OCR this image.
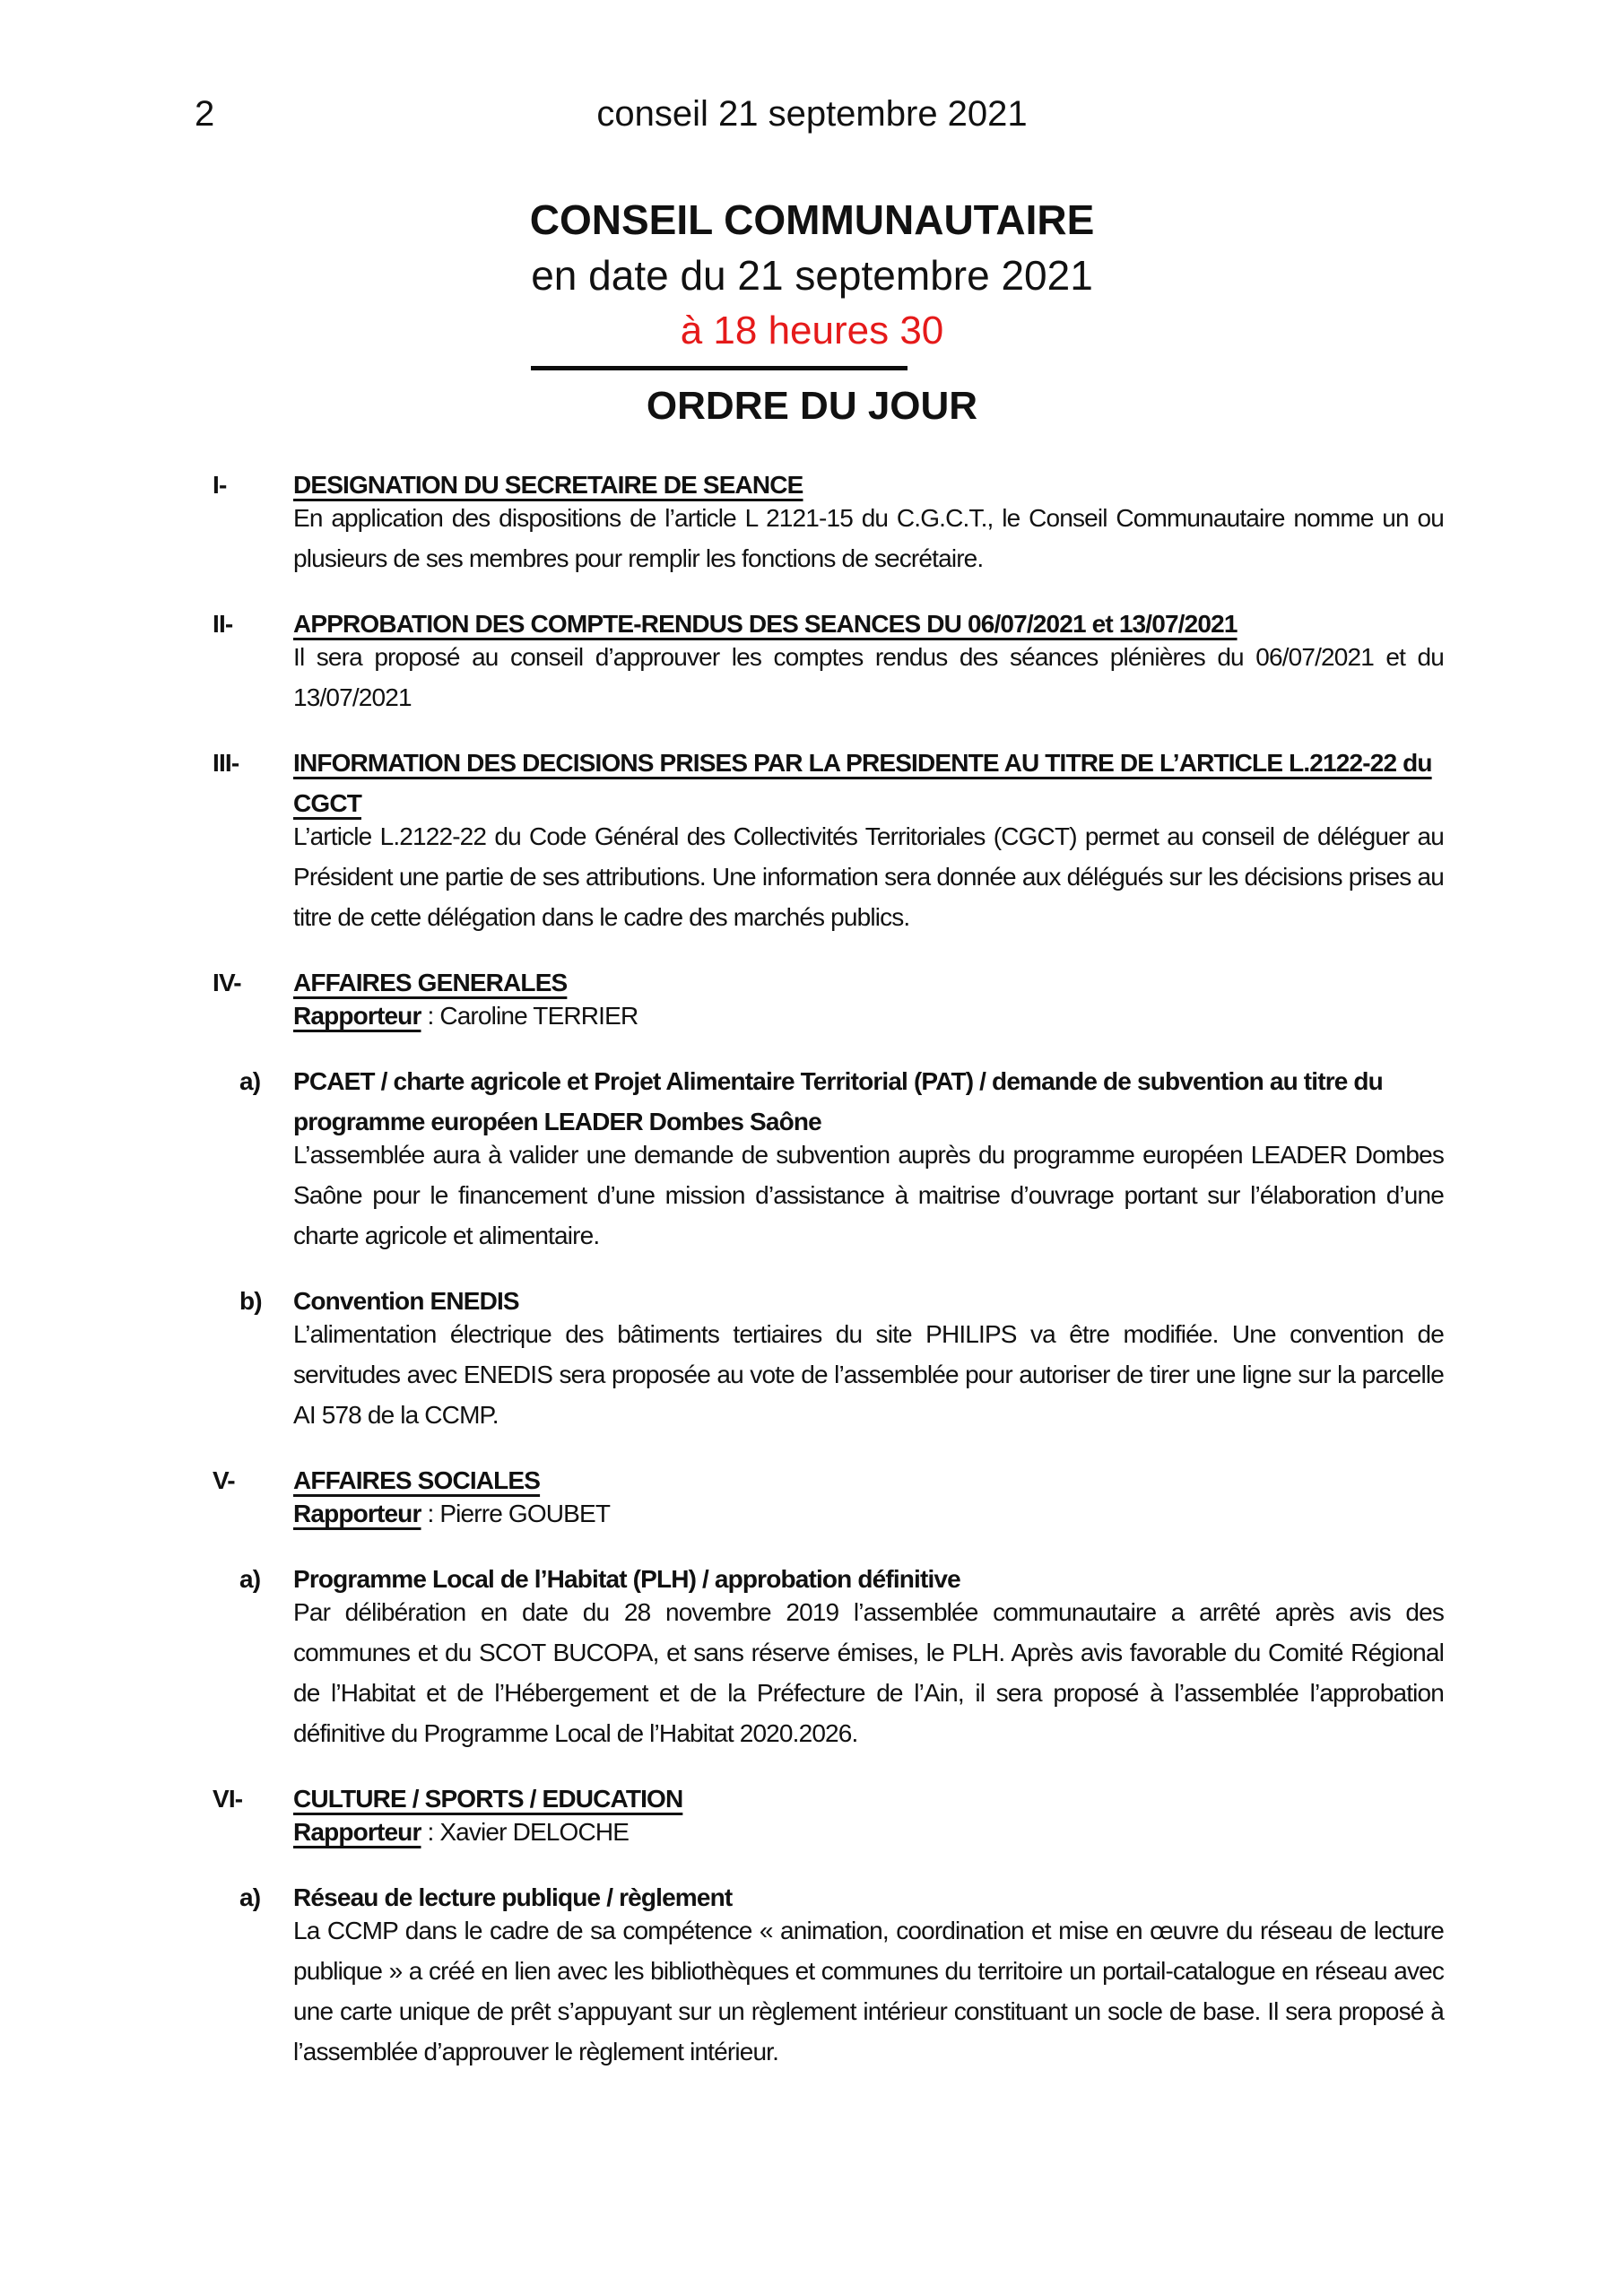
2	conseil 21 septembre 2021
CONSEIL COMMUNAUTAIRE
en date du 21 septembre 2021
à 18 heures 30
ORDRE DU JOUR
I-	DESIGNATION DU SECRETAIRE DE SEANCE

En application des dispositions de l’article L 2121-15 du C.G.C.T., le Conseil Communautaire nomme un ou plusieurs de ses membres pour remplir les fonctions de secrétaire.

II-	APPROBATION DES COMPTE-RENDUS DES SEANCES DU 06/07/2021 et 13/07/2021

Il sera proposé au conseil d’approuver les comptes rendus des séances plénières du 06/07/2021 et du 13/07/2021

III-	INFORMATION DES DECISIONS PRISES PAR LA PRESIDENTE AU TITRE DE L’ARTICLE L.2122-22 du CGCT

L’article L.2122-22 du Code Général des Collectivités Territoriales (CGCT) permet au conseil de déléguer au Président une partie de ses attributions. Une information sera donnée aux délégués sur les décisions prises au titre de cette délégation dans le cadre des marchés publics.

IV-	AFFAIRES GENERALES
Rapporteur : Caroline TERRIER
a)	PCAET / charte agricole et Projet Alimentaire Territorial (PAT) / demande de subvention au titre du programme européen LEADER Dombes Saône

L’assemblée aura à valider une demande de subvention auprès du programme européen LEADER Dombes Saône pour le financement d’une mission d’assistance à maitrise d’ouvrage portant sur l’élaboration d’une charte agricole et alimentaire.

b)	Convention ENEDIS

L’alimentation électrique des bâtiments tertiaires du site PHILIPS va être modifiée. Une convention de servitudes avec ENEDIS sera proposée au vote de l’assemblée pour autoriser de tirer une ligne sur la parcelle AI 578 de la CCMP.

V-	AFFAIRES SOCIALES
Rapporteur : Pierre GOUBET
a)	Programme Local de l’Habitat (PLH) / approbation définitive

Par délibération en date du 28 novembre 2019 l’assemblée communautaire a arrêté après avis des communes et du SCOT BUCOPA, et sans réserve émises, le PLH. Après avis favorable du Comité Régional de l’Habitat et de l’Hébergement et de la Préfecture de l’Ain, il sera proposé à l’assemblée l’approbation définitive du Programme Local de l’Habitat 2020.2026.

VI-	CULTURE / SPORTS / EDUCATION
Rapporteur : Xavier DELOCHE
a)	Réseau de lecture publique / règlement

La CCMP dans le cadre de sa compétence « animation, coordination et mise en œuvre du réseau de lecture publique » a créé en lien avec les bibliothèques et communes du territoire un portail-catalogue en réseau avec une carte unique de prêt s’appuyant sur un règlement intérieur constituant un socle de base. Il sera proposé à l’assemblée d’approuver le règlement intérieur.
